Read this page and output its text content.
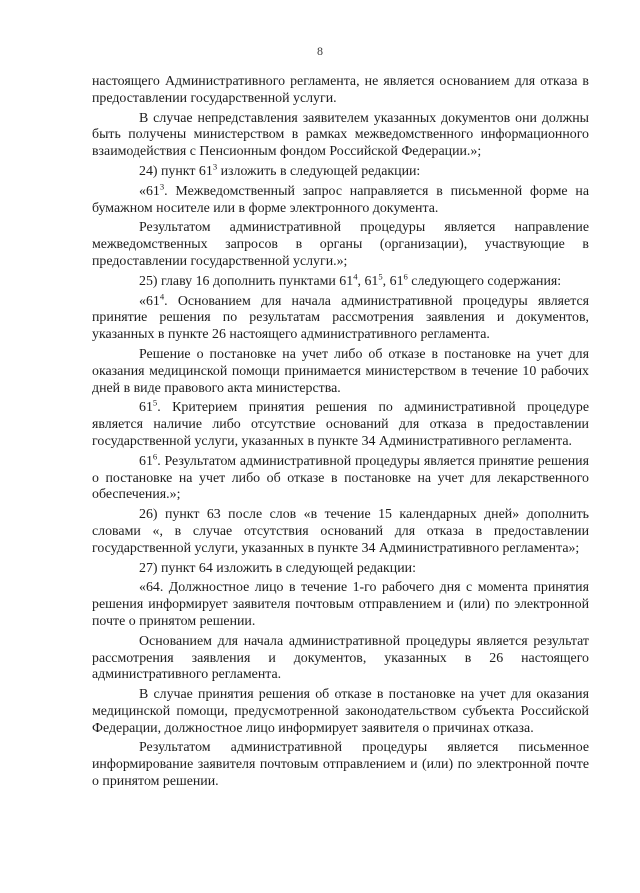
8

настоящего Административного регламента, не является основанием для отказа в предоставлении государственной услуги.

В случае непредставления заявителем указанных документов они должны быть получены министерством в рамках межведомственного информационного взаимодействия с Пенсионным фондом Российской Федерации.»;

24) пункт $61^3$ изложить в следующей редакции:

«$61^3$. Межведомственный запрос направляется в письменной форме на бумажном носителе или в форме электронного документа.

Результатом административной процедуры является направление межведомственных запросов в органы (организации), участвующие в предоставлении государственной услуги.»;

25) главу 16 дополнить пунктами $61^4$, $61^5$, $61^6$ следующего содержания:

«$61^4$. Основанием для начала административной процедуры является принятие решения по результатам рассмотрения заявления и документов, указанных в пункте 26 настоящего административного регламента.

Решение о постановке на учет либо об отказе в постановке на учет для оказания медицинской помощи принимается министерством в течение 10 рабочих дней в виде правового акта министерства.

$61^5$. Критерием принятия решения по административной процедуре является наличие либо отсутствие оснований для отказа в предоставлении государственной услуги, указанных в пункте 34 Административного регламента.

$61^6$. Результатом административной процедуры является принятие решения о постановке на учет либо об отказе в постановке на учет для лекарственного обеспечения.»;

26) пункт 63 после слов «в течение 15 календарных дней» дополнить словами «, в случае отсутствия оснований для отказа в предоставлении государственной услуги, указанных в пункте 34 Административного регламента»;

27) пункт 64 изложить в следующей редакции:

«64. Должностное лицо в течение 1-го рабочего дня с момента принятия решения информирует заявителя почтовым отправлением и (или) по электронной почте о принятом решении.

Основанием для начала административной процедуры является результат рассмотрения заявления и документов, указанных в 26 настоящего административного регламента.

В случае принятия решения об отказе в постановке на учет для оказания медицинской помощи, предусмотренной законодательством субъекта Российской Федерации, должностное лицо информирует заявителя о причинах отказа.

Результатом административной процедуры является письменное информирование заявителя почтовым отправлением и (или) по электронной почте о принятом решении.
